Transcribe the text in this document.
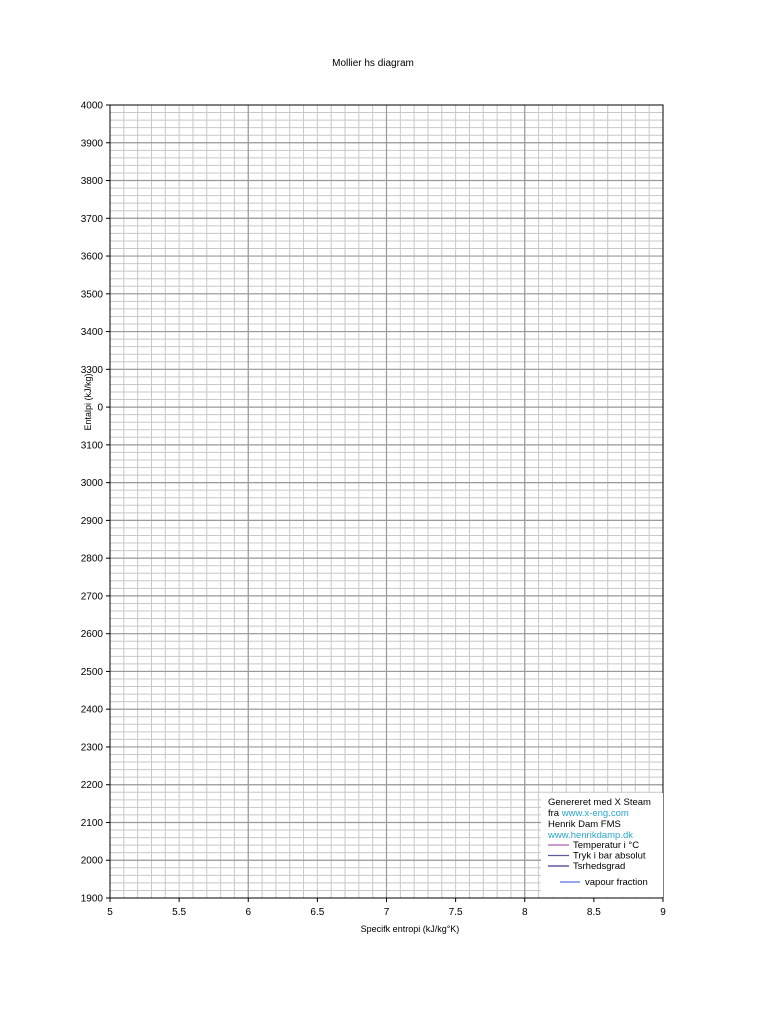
Mollier hs diagram
5	5.5	6	6.5	7	7.5	8	8.5	9
1900
2000
2100
2200
2300
2400
2500
2600
2700
2800
2900
3000
3100
0
3300
3400
3500
3600
3700
3800
3900
4000
Specifk entropi (kJ/kg°K)
Entalpi (kJ/kg)
Genereret med X Steam
fra www.x-eng.com
Henrik Dam FMS
www.henrikdamp.dk
Temperatur i °C
Tryk i bar absolut
Tsrhedsgrad
vapour fraction
